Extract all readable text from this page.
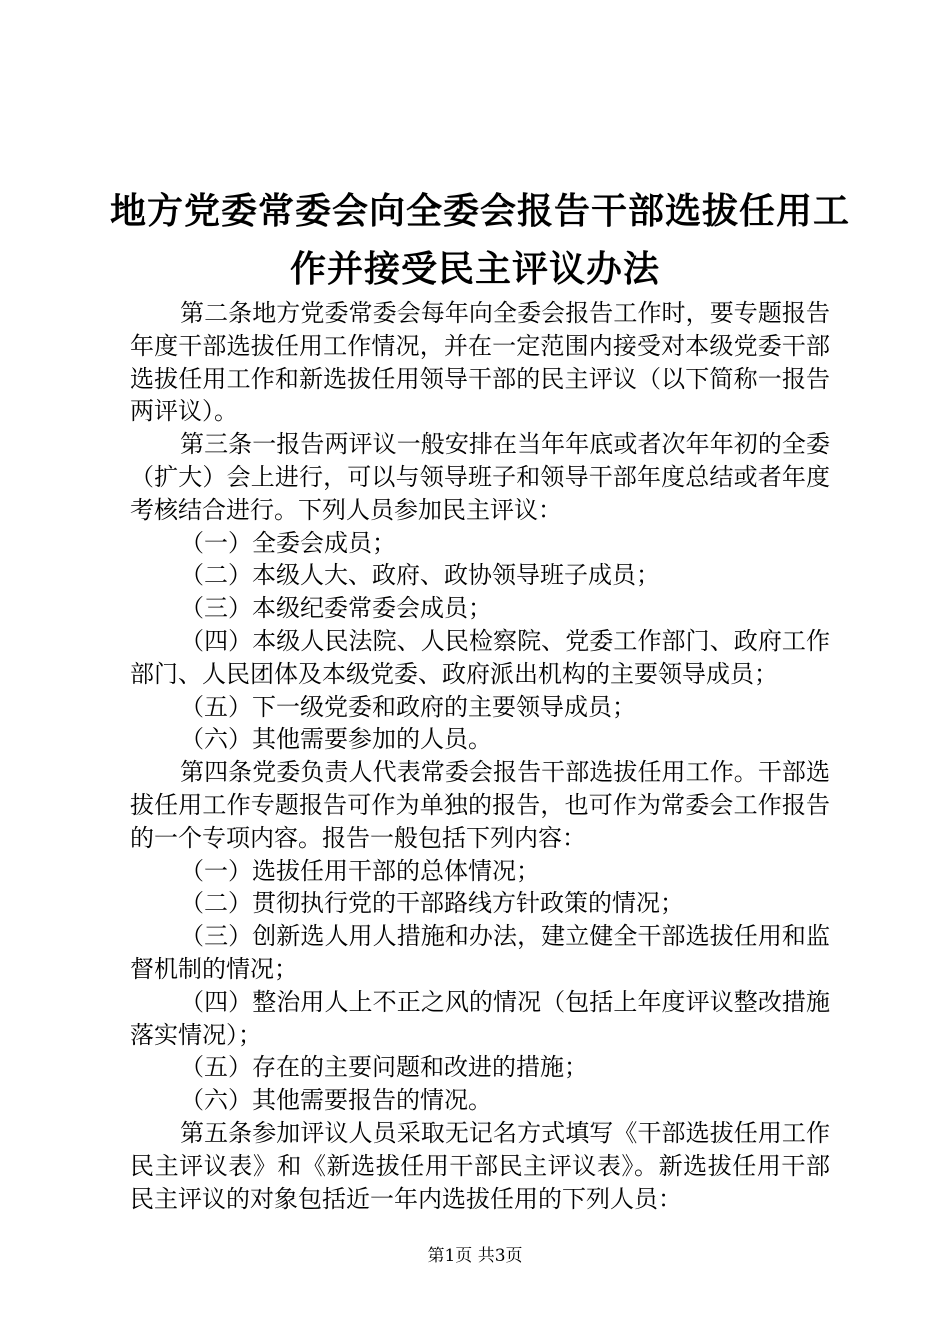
地方党委常委会向全委会报告干部选拔任用工
作并接受民主评议办法

第二条地方党委常委会每年向全委会报告工作时，要专题报告年度干部选拔任用工作情况，并在一定范围内接受对本级党委干部选拔任用工作和新选拔任用领导干部的民主评议（以下简称一报告两评议）。

第三条一报告两评议一般安排在当年年底或者次年年初的全委（扩大）会上进行，可以与领导班子和领导干部年度总结或者年度考核结合进行。下列人员参加民主评议：

（一）全委会成员；

（二）本级人大、政府、政协领导班子成员；

（三）本级纪委常委会成员；

（四）本级人民法院、人民检察院、党委工作部门、政府工作部门、人民团体及本级党委、政府派出机构的主要领导成员；

（五）下一级党委和政府的主要领导成员；

（六）其他需要参加的人员。

第四条党委负责人代表常委会报告干部选拔任用工作。干部选拔任用工作专题报告可作为单独的报告，也可作为常委会工作报告的一个专项内容。报告一般包括下列内容：

（一）选拔任用干部的总体情况；

（二）贯彻执行党的干部路线方针政策的情况；

（三）创新选人用人措施和办法，建立健全干部选拔任用和监督机制的情况；

（四）整治用人上不正之风的情况（包括上年度评议整改措施落实情况）；

（五）存在的主要问题和改进的措施；

（六）其他需要报告的情况。

第五条参加评议人员采取无记名方式填写《干部选拔任用工作民主评议表》和《新选拔任用干部民主评议表》。新选拔任用干部民主评议的对象包括近一年内选拔任用的下列人员：

第1页 共3页
